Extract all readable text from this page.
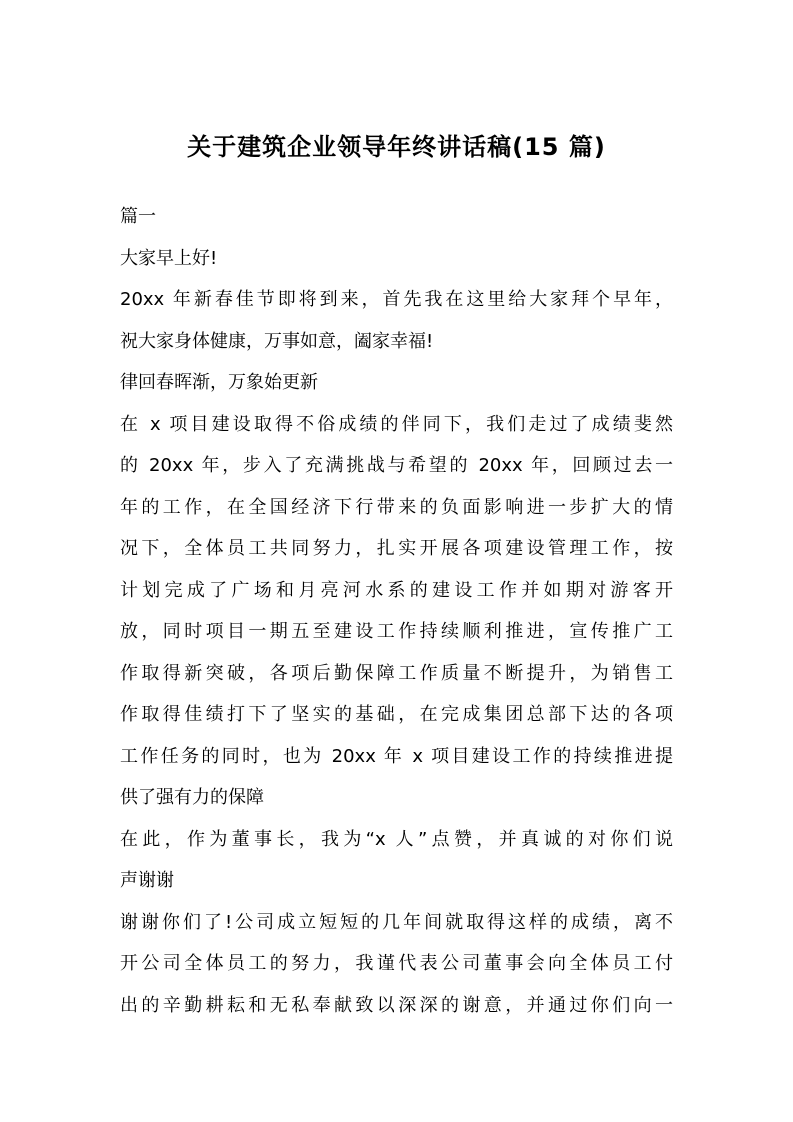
关于建筑企业领导年终讲话稿(15 篇)
篇一
大家早上好!
20xx 年新春佳节即将到来，首先我在这里给大家拜个早年，
祝大家身体健康，万事如意，阖家幸福!
律回春晖渐，万象始更新
在 x 项目建设取得不俗成绩的伴同下，我们走过了成绩斐然
的 20xx 年，步入了充满挑战与希望的 20xx 年，回顾过去一
年的工作，在全国经济下行带来的负面影响进一步扩大的情
况下，全体员工共同努力，扎实开展各项建设管理工作，按
计划完成了广场和月亮河水系的建设工作并如期对游客开
放，同时项目一期五至建设工作持续顺利推进，宣传推广工
作取得新突破，各项后勤保障工作质量不断提升，为销售工
作取得佳绩打下了坚实的基础，在完成集团总部下达的各项
工作任务的同时，也为 20xx 年 x 项目建设工作的持续推进提
供了强有力的保障
在此，作为董事长，我为“x 人”点赞，并真诚的对你们说
声谢谢
谢谢你们了!公司成立短短的几年间就取得这样的成绩，离不
开公司全体员工的努力，我谨代表公司董事会向全体员工付
出的辛勤耕耘和无私奉献致以深深的谢意，并通过你们向一
